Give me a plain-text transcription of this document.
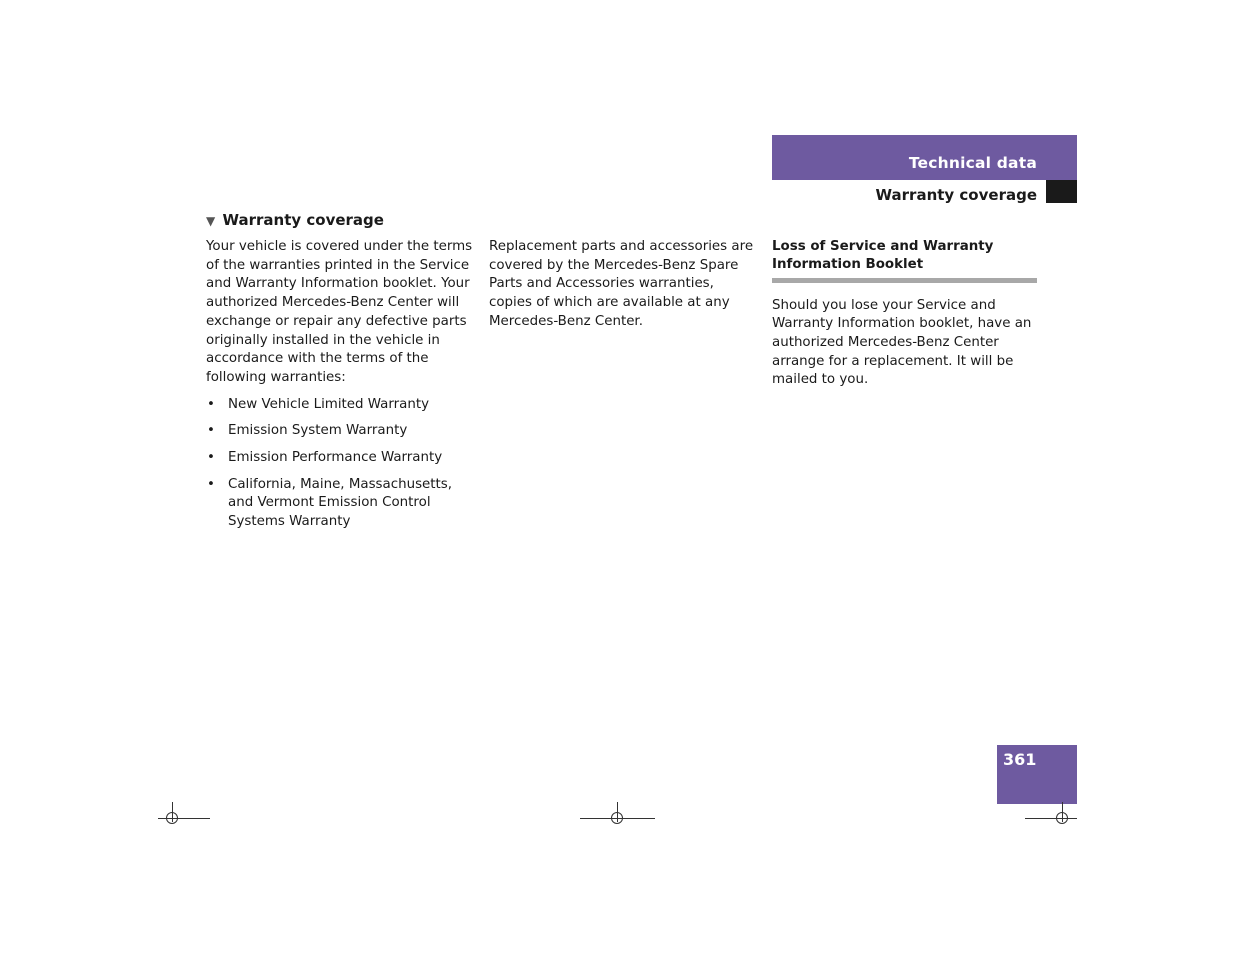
Technical data
Warranty coverage
▼ Warranty coverage

Your vehicle is covered under the terms of the warranties printed in the Service and Warranty Information booklet. Your authorized Mercedes-Benz Center will exchange or repair any defective parts originally installed in the vehicle in accordance with the terms of the following warranties:

• New Vehicle Limited Warranty
• Emission System Warranty
• Emission Performance Warranty
• California, Maine, Massachusetts, and Vermont Emission Control Systems Warranty

Replacement parts and accessories are covered by the Mercedes-Benz Spare Parts and Accessories warranties, copies of which are available at any Mercedes-Benz Center.

Loss of Service and Warranty Information Booklet

Should you lose your Service and Warranty Information booklet, have an authorized Mercedes-Benz Center arrange for a replacement. It will be mailed to you.

361
